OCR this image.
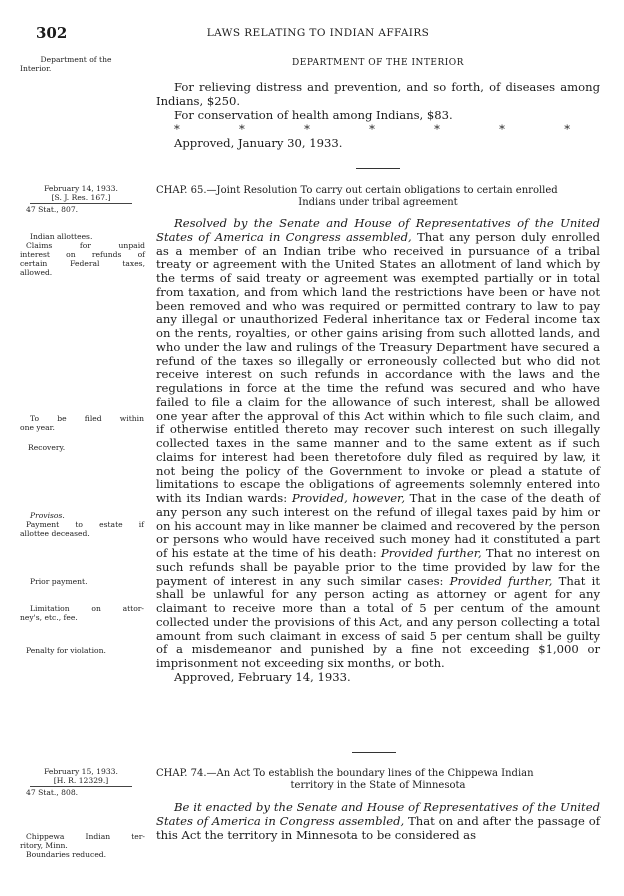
302	LAWS RELATING TO INDIAN AFFAIRS
Department of the
Interior.
DEPARTMENT OF THE INTERIOR

For relieving distress and prevention, and so forth, of diseases among Indians, $250.

For conservation of health among Indians, $83.

*	*	*	*	*	*	*

Approved, January 30, 1933.

February 14, 1933.
[S. J. Res. 167.]
47 Stat., 807.

CHAP. 65.—Joint Resolution To carry out certain obligations to certain enrolled

Indians under tribal agreement

Indian allottees.
Claims for unpaid
interest on refunds of
certain Federal taxes,
allowed.
To be filed within
one year.
Recovery.
Provisos.
Payment to estate if
allottee deceased.
Prior payment.
Limitation on attor-
ney's, etc., fee.
Penalty for violation.

Resolved by the Senate and House of Representatives of the United States of America in Congress assembled, That any person duly enrolled as a member of an Indian tribe who received in pursuance of a tribal treaty or agreement with the United States an allotment of land which by the terms of said treaty or agreement was exempted partially or in total from taxation, and from which land the restrictions have been or have not been removed and who was required or permitted contrary to law to pay any illegal or unauthorized Federal inheritance tax or Federal income tax on the rents, royalties, or other gains arising from such allotted lands, and who under the law and rulings of the Treasury Department have secured a refund of the taxes so illegally or erroneously collected but who did not receive interest on such refunds in accordance with the laws and the regulations in force at the time the refund was secured and who have failed to file a claim for the allowance of such interest, shall be allowed one year after the approval of this Act within which to file such claim, and if otherwise entitled thereto may recover such interest on such illegally collected taxes in the same manner and to the same extent as if such claims for interest had been theretofore duly filed as required by law, it not being the policy of the Government to invoke or plead a statute of limitations to escape the obligations of agreements solemnly entered into with its Indian wards: Provided, however, That in the case of the death of any person any such interest on the refund of illegal taxes paid by him or on his account may in like manner be claimed and recovered by the person or persons who would have received such money had it constituted a part of his estate at the time of his death: Provided further, That no interest on such refunds shall be payable prior to the time provided by law for the payment of interest in any such similar cases: Provided further, That it shall be unlawful for any person acting as attorney or agent for any claimant to receive more than a total of 5 per centum of the amount collected under the provisions of this Act, and any person collecting a total amount from such claimant in excess of said 5 per centum shall be guilty of a misdemeanor and punished by a fine not exceeding $1,000 or imprisonment not exceeding six months, or both.

Approved, February 14, 1933.

February 15, 1933.
[H. R. 12329.]
47 Stat., 808.

CHAP. 74.—An Act To establish the boundary lines of the Chippewa Indian

territory in the State of Minnesota

Chippewa Indian ter-
ritory, Minn.
Boundaries reduced.

Be it enacted by the Senate and House of Representatives of the United States of America in Congress assembled, That on and after the passage of this Act the territory in Minnesota to be considered as
